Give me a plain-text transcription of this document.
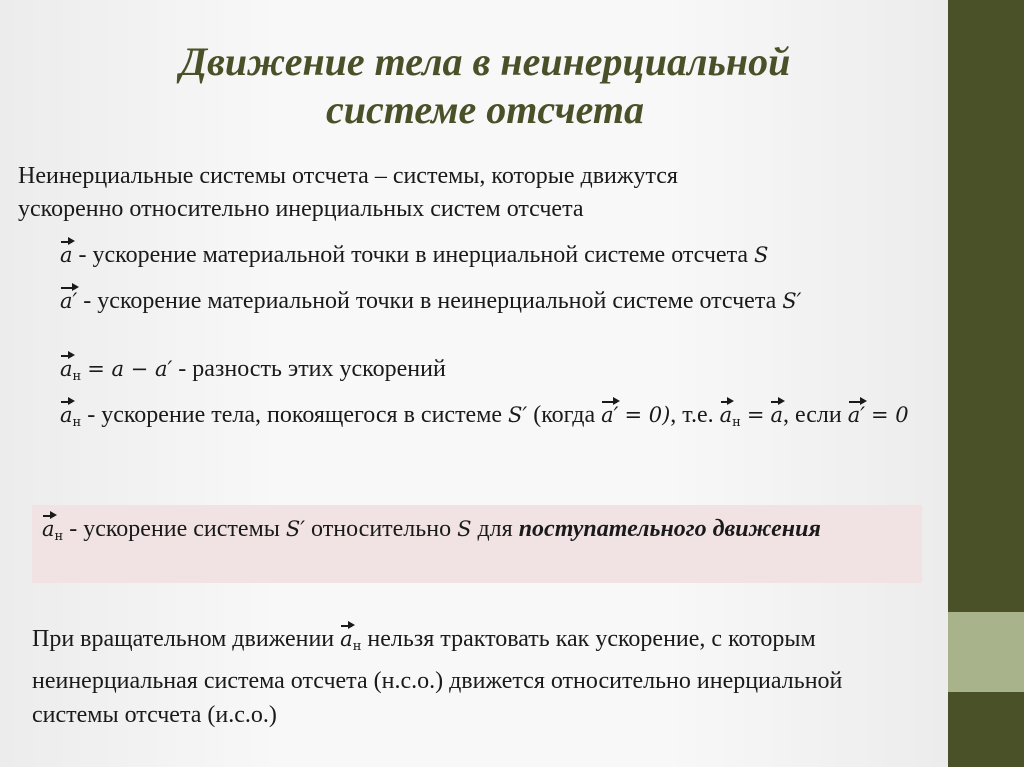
Движение тела в неинерциальной
системе отсчета
Неинерциальные системы отсчета – системы, которые движутся
ускоренно относительно инерциальных систем отсчета
a - ускорение материальной точки в инерциальной системе отсчета S
a′ - ускорение материальной точки в неинерциальной системе отсчета S′
aн = a − a′ - разность этих ускорений
aн - ускорение тела, покоящегося в системе S′ (когда a′ = 0), т.е. aн = a, если a′ = 0
aн - ускорение системы S′ относительно S для поступательного движения
При вращательном движении aн нельзя трактовать как ускорение, с которым неинерциальная система отсчета (н.с.о.) движется относительно инерциальной системы отсчета (и.с.о.)
